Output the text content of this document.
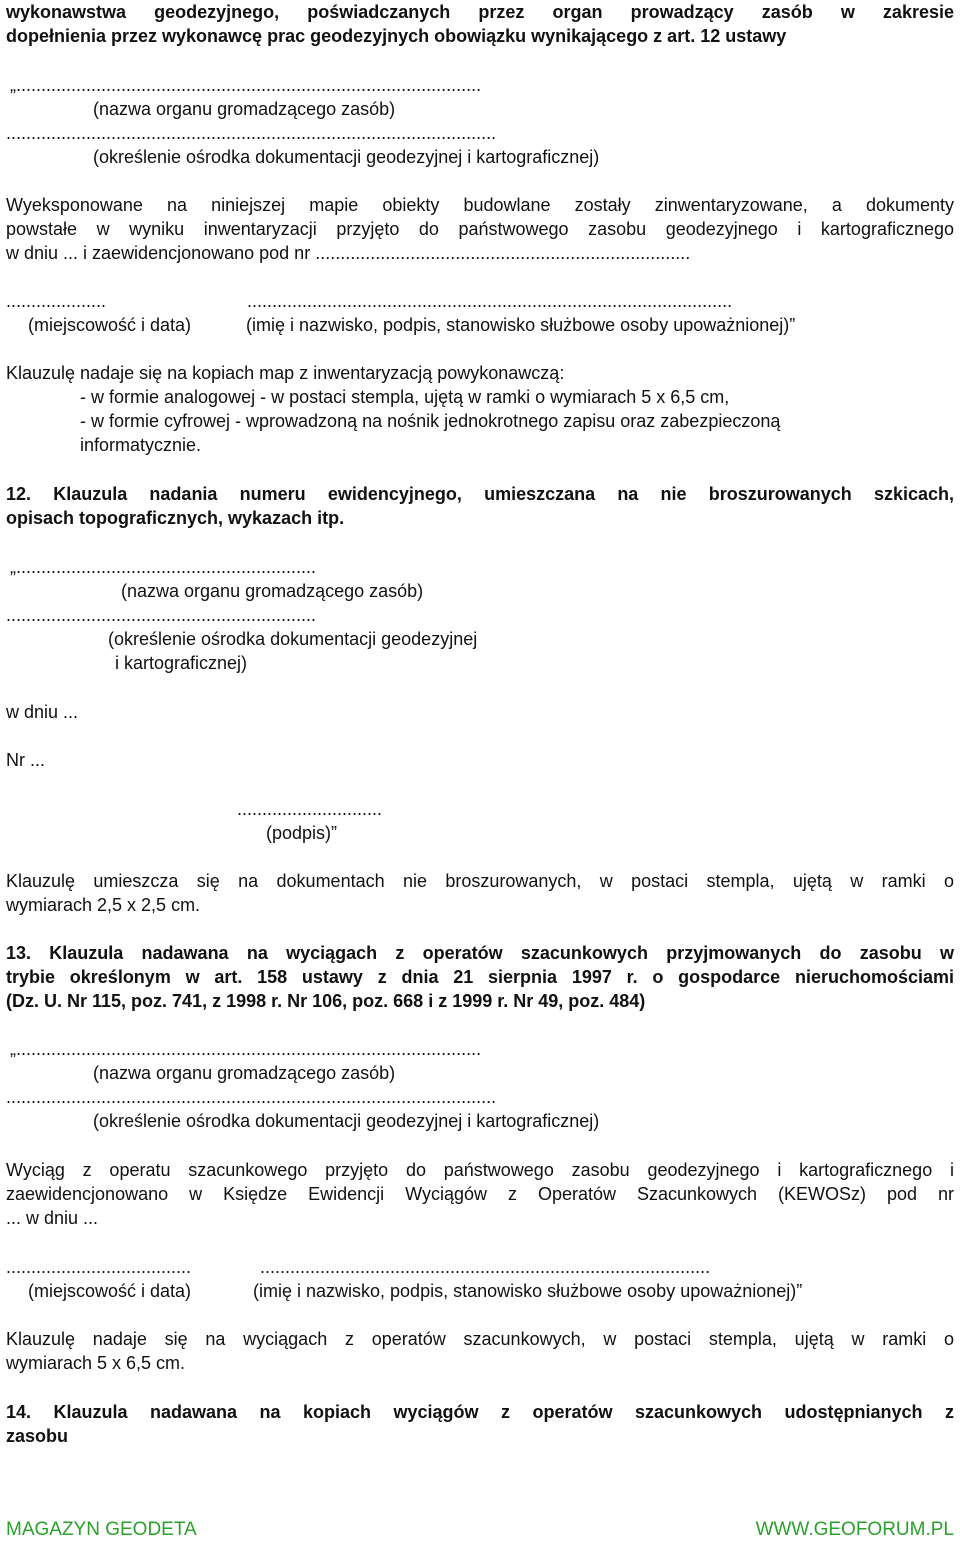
wykonawstwa geodezyjnego, poświadczanych przez organ prowadzący zasób w zakresie
dopełnienia przez wykonawcę prac geodezyjnych obowiązku wynikającego z art. 12 ustawy
„.............................................................................................
(nazwa organu gromadzącego zasób)
..................................................................................................
(określenie ośrodka dokumentacji geodezyjnej i kartograficznej)
Wyeksponowane na niniejszej mapie obiekty budowlane zostały zinwentaryzowane, a dokumenty
powstałe w wyniku inwentaryzacji przyjęto do państwowego zasobu geodezyjnego i kartograficznego
w dniu ... i zaewidencjonowano pod nr ...........................................................................
....................	.................................................................................................
(miejscowość i data)	(imię i nazwisko, podpis, stanowisko służbowe osoby upoważnionej)”
Klauzulę nadaje się na kopiach map z inwentaryzacją powykonawczą:
- w formie analogowej - w postaci stempla, ujętą w ramki o wymiarach 5 x 6,5 cm,
- w formie cyfrowej - wprowadzoną na nośnik jednokrotnego zapisu oraz zabezpieczoną
informatycznie.
12. Klauzula nadania numeru ewidencyjnego, umieszczana na nie broszurowanych szkicach,
opisach topograficznych, wykazach itp.
„............................................................
(nazwa organu gromadzącego zasób)
..............................................................
(określenie ośrodka dokumentacji geodezyjnej
i kartograficznej)
w dniu ...
Nr ...
.............................
(podpis)”
Klauzulę umieszcza się na dokumentach nie broszurowanych, w postaci stempla, ujętą w ramki o
wymiarach 2,5 x 2,5 cm.
13. Klauzula nadawana na wyciągach z operatów szacunkowych przyjmowanych do zasobu w
trybie określonym w art. 158 ustawy z dnia 21 sierpnia 1997 r. o gospodarce nieruchomościami
(Dz. U. Nr 115, poz. 741, z 1998 r. Nr 106, poz. 668 i z 1999 r. Nr 49, poz. 484)
„.............................................................................................
(nazwa organu gromadzącego zasób)
..................................................................................................
(określenie ośrodka dokumentacji geodezyjnej i kartograficznej)
Wyciąg z operatu szacunkowego przyjęto do państwowego zasobu geodezyjnego i kartograficznego i
zaewidencjonowano w Księdze Ewidencji Wyciągów z Operatów Szacunkowych (KEWOSz) pod nr
... w dniu ...
.....................................	..........................................................................................
(miejscowość i data)	(imię i nazwisko, podpis, stanowisko służbowe osoby upoważnionej)”
Klauzulę nadaje się na wyciągach z operatów szacunkowych, w postaci stempla, ujętą w ramki o
wymiarach 5 x 6,5 cm.
14. Klauzula nadawana na kopiach wyciągów z operatów szacunkowych udostępnianych z
zasobu
MAGAZYN GEODETA	WWW.GEOFORUM.PL
